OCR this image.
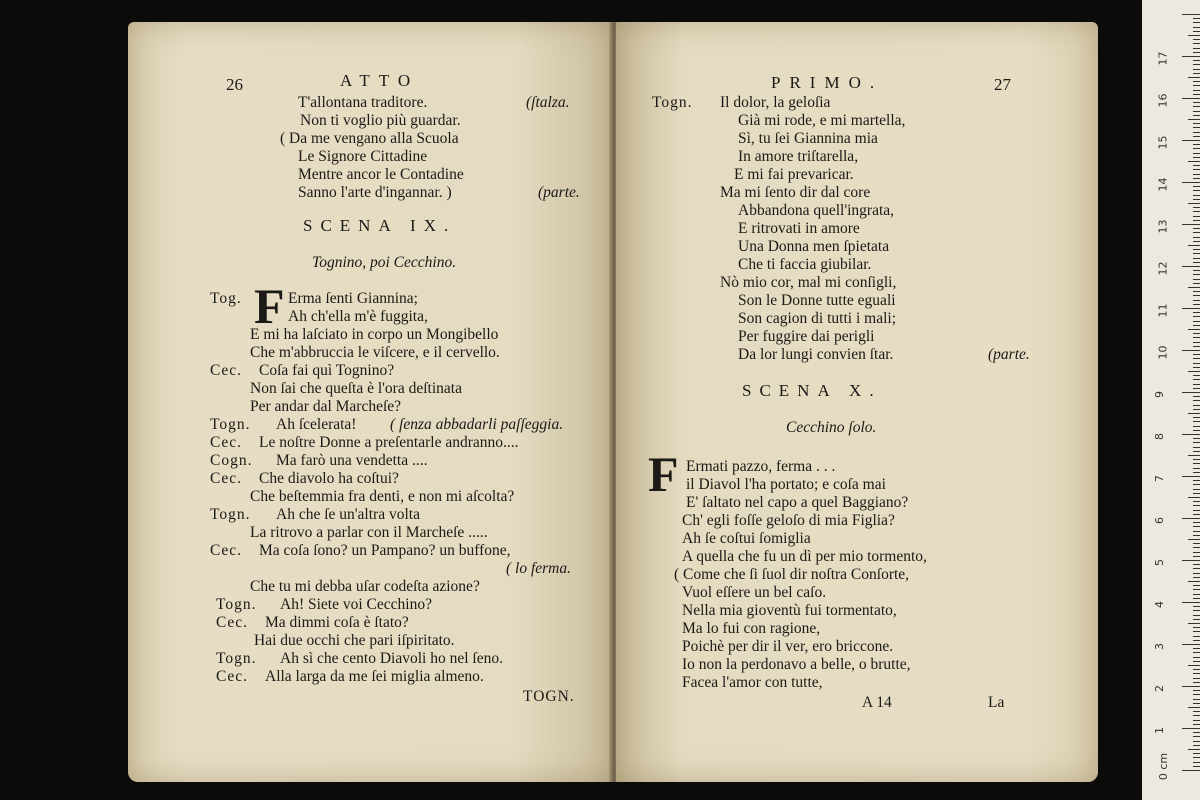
26	ATTO
T'allontana traditore.	(ſtalza.
Non ti voglio più guardar.
( Da me vengano alla Scuola
Le Signore Cittadine
Mentre ancor le Contadine
Sanno l'arte d'ingannar. )	(parte.
SCENA IX.
Tognino, poi Cecchino.
F
Tog.	Erma ſenti Giannina;
Ah ch'ella m'è fuggita,
E mi ha laſciato in corpo un Mongibello
Che m'abbruccia le viſcere, e il cervello.
Cec. Coſa fai quì Tognino?
Non ſai che queſta è l'ora deſtinata
Per andar dal Marcheſe?
Togn. Ah ſcelerata! ( ſenza abbadarli paſſeggia.
Cec. Le noſtre Donne a preſentarle andranno....
Cogn. Ma farò una vendetta ....
Cec. Che diavolo ha coſtui?
Che beſtemmia fra denti, e non mi aſcolta?
Togn. Ah che ſe un'altra volta
La ritrovo a parlar con il Marcheſe .....
Cec. Ma coſa ſono? un Pampano? un buffone,
( lo ferma.
Che tu mi debba uſar codeſta azione?
Togn. Ah! Siete voi Cecchino?
Cec. Ma dimmi coſa è ſtato?
Hai due occhi che pari iſpiritato.
Togn. Ah sì che cento Diavoli ho nel ſeno.
Cec. Alla larga da me ſei miglia almeno.
TOGN.
PRIMO.	27
Togn. Il dolor, la geloſia
Già mi rode, e mi martella,
Sì, tu ſei Giannina mia
In amore triſtarella,
E mi fai prevaricar.
Ma mi ſento dir dal core
Abbandona quell'ingrata,
E ritrovati in amore
Una Donna men ſpietata
Che ti faccia giubilar.
Nò mio cor, mal mi conſigli,
Son le Donne tutte eguali
Son cagion di tutti i mali;
Per fuggire dai perigli
Da lor lungi convien ſtar.	(parte.
SCENA X.
Cecchino ſolo.
F Ermati pazzo, ferma . . .
il Diavol l'ha portato; e coſa mai
E' ſaltato nel capo a quel Baggiano?
Ch' egli foſſe geloſo di mia Figlia?
Ah ſe coſtui ſomiglia
A quella che fu un dì per mio tormento,
( Come che ſi ſuol dir noſtra Conſorte,
Vuol eſſere un bel caſo.
Nella mia gioventù fui tormentato,
Ma lo fui con ragione,
Poichè per dir il ver, ero briccone.
Io non la perdonavo a belle, o brutte,
Facea l'amor con tutte,
A 14	La
0 cm
1
2
3
4
5
6
7
8
9
10
11
12
13
14
15
16
17
